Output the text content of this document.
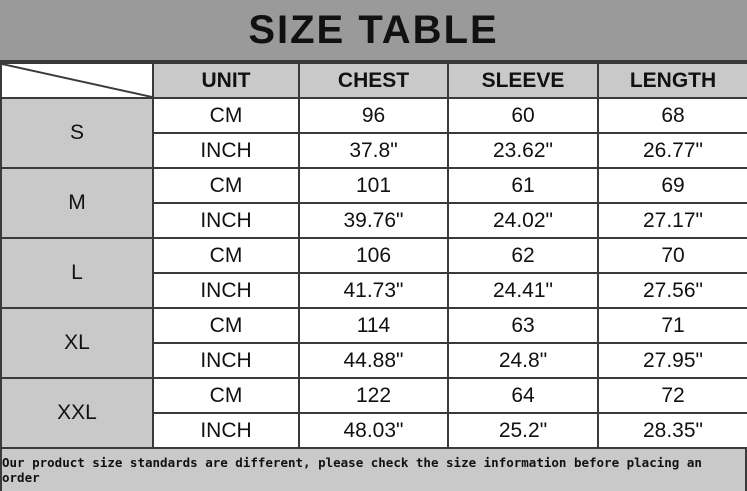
SIZE TABLE
	UNIT	CHEST	SLEEVE	LENGTH
S	CM	96	60	68
	INCH	37.8"	23.62"	26.77"
M	CM	101	61	69
	INCH	39.76"	24.02"	27.17"
L	CM	106	62	70
	INCH	41.73"	24.41"	27.56"
XL	CM	114	63	71
	INCH	44.88"	24.8"	27.95"
XXL	CM	122	64	72
	INCH	48.03"	25.2"	28.35"
Our product size standards are different, please check the size information before placing an order
